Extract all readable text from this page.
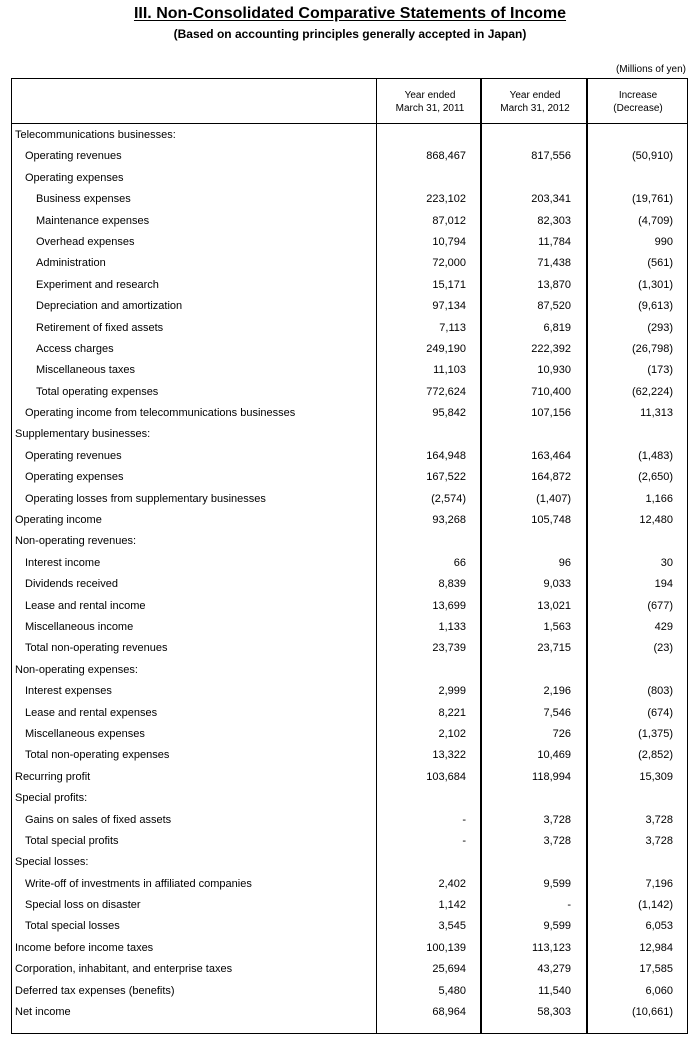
III. Non-Consolidated Comparative Statements of Income
(Based on accounting principles generally accepted in Japan)
(Millions of yen)
Year ended
March 31, 2011
Year ended
March 31, 2012
Increase
(Decrease)
Telecommunications businesses:
Operating revenues	868,467	817,556	(50,910)
Operating expenses
Business expenses	223,102	203,341	(19,761)
Maintenance expenses	87,012	82,303	(4,709)
Overhead expenses	10,794	11,784	990
Administration	72,000	71,438	(561)
Experiment and research	15,171	13,870	(1,301)
Depreciation and amortization	97,134	87,520	(9,613)
Retirement of fixed assets	7,113	6,819	(293)
Access charges	249,190	222,392	(26,798)
Miscellaneous taxes	11,103	10,930	(173)
Total operating expenses	772,624	710,400	(62,224)
Operating income from telecommunications businesses	95,842	107,156	11,313
Supplementary businesses:
Operating revenues	164,948	163,464	(1,483)
Operating expenses	167,522	164,872	(2,650)
Operating losses from supplementary businesses	(2,574)	(1,407)	1,166
Operating income	93,268	105,748	12,480
Non-operating revenues:
Interest income	66	96	30
Dividends received	8,839	9,033	194
Lease and rental income	13,699	13,021	(677)
Miscellaneous income	1,133	1,563	429
Total non-operating revenues	23,739	23,715	(23)
Non-operating expenses:
Interest expenses	2,999	2,196	(803)
Lease and rental expenses	8,221	7,546	(674)
Miscellaneous expenses	2,102	726	(1,375)
Total non-operating expenses	13,322	10,469	(2,852)
Recurring profit	103,684	118,994	15,309
Special profits:
Gains on sales of fixed assets	-	3,728	3,728
Total special profits	-	3,728	3,728
Special losses:
Write-off of investments in affiliated companies	2,402	9,599	7,196
Special loss on disaster	1,142	-	(1,142)
Total special losses	3,545	9,599	6,053
Income before income taxes	100,139	113,123	12,984
Corporation, inhabitant, and enterprise taxes	25,694	43,279	17,585
Deferred tax expenses (benefits)	5,480	11,540	6,060
Net income	68,964	58,303	(10,661)
